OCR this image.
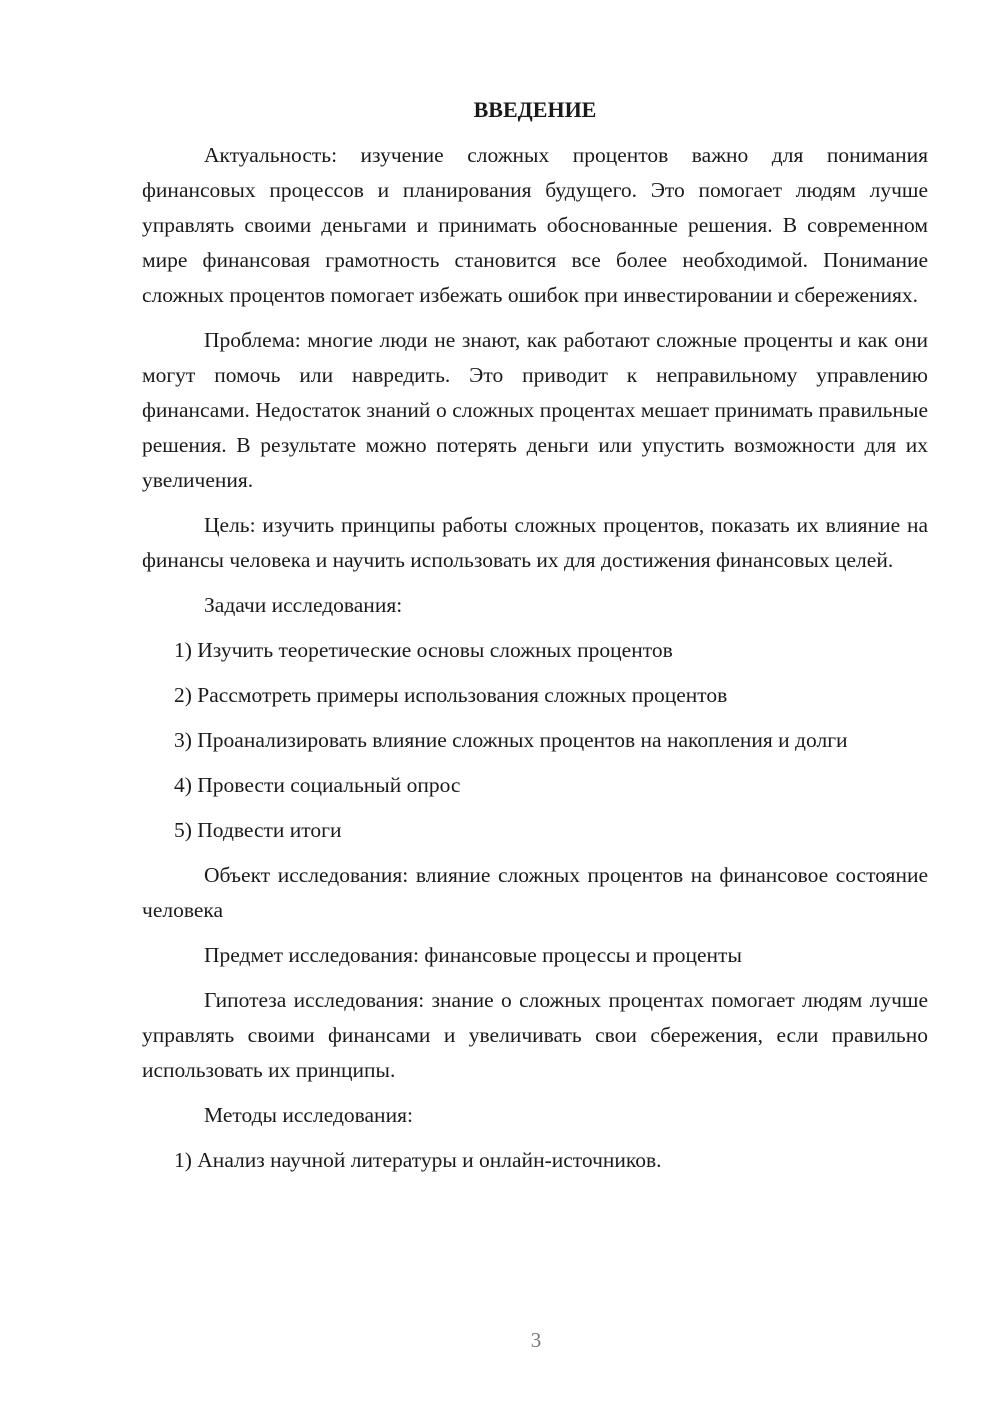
ВВЕДЕНИЕ

Актуальность: изучение сложных процентов важно для понимания финансовых процессов и планирования будущего. Это помогает людям лучше управлять своими деньгами и принимать обоснованные решения. В современном мире финансовая грамотность становится все более необходимой. Понимание сложных процентов помогает избежать ошибок при инвестировании и сбережениях.

Проблема: многие люди не знают, как работают сложные проценты и как они могут помочь или навредить. Это приводит к неправильному управлению финансами. Недостаток знаний о сложных процентах мешает принимать правильные решения. В результате можно потерять деньги или упустить возможности для их увеличения.

Цель: изучить принципы работы сложных процентов, показать их влияние на финансы человека и научить использовать их для достижения финансовых целей.

Задачи исследования:

1) Изучить теоретические основы сложных процентов

2) Рассмотреть примеры использования сложных процентов

3) Проанализировать влияние сложных процентов на накопления и долги

4) Провести социальный опрос

5) Подвести итоги

Объект исследования: влияние сложных процентов на финансовое состояние человека

Предмет исследования: финансовые процессы и проценты

Гипотеза исследования: знание о сложных процентах помогает людям лучше управлять своими финансами и увеличивать свои сбережения, если правильно использовать их принципы.

Методы исследования:

1) Анализ научной литературы и онлайн-источников.

3
